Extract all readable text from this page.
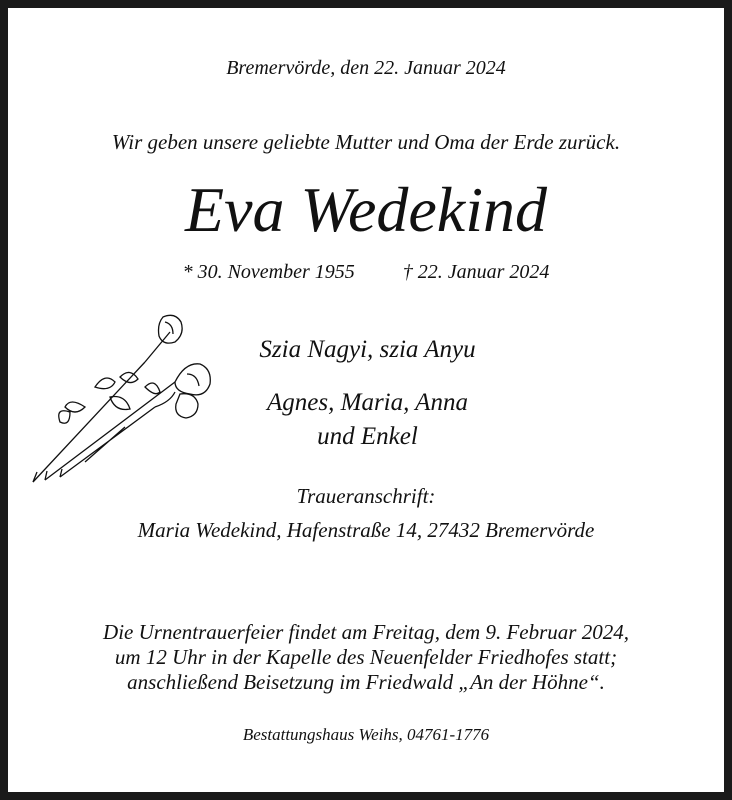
Bremervörde, den 22. Januar 2024
Wir geben unsere geliebte Mutter und Oma der Erde zurück.
Eva Wedekind
* 30. November 1955 † 22. Januar 2024
Szia Nagyi, szia Anyu
Agnes, Maria, Anna
und Enkel
Traueranschrift:
Maria Wedekind, Hafenstraße 14, 27432 Bremervörde
Die Urnentrauerfeier findet am Freitag, dem 9. Februar 2024,
um 12 Uhr in der Kapelle des Neuenfelder Friedhofes statt;
anschließend Beisetzung im Friedwald „An der Höhne“.
Bestattungshaus Weihs, 04761-1776
